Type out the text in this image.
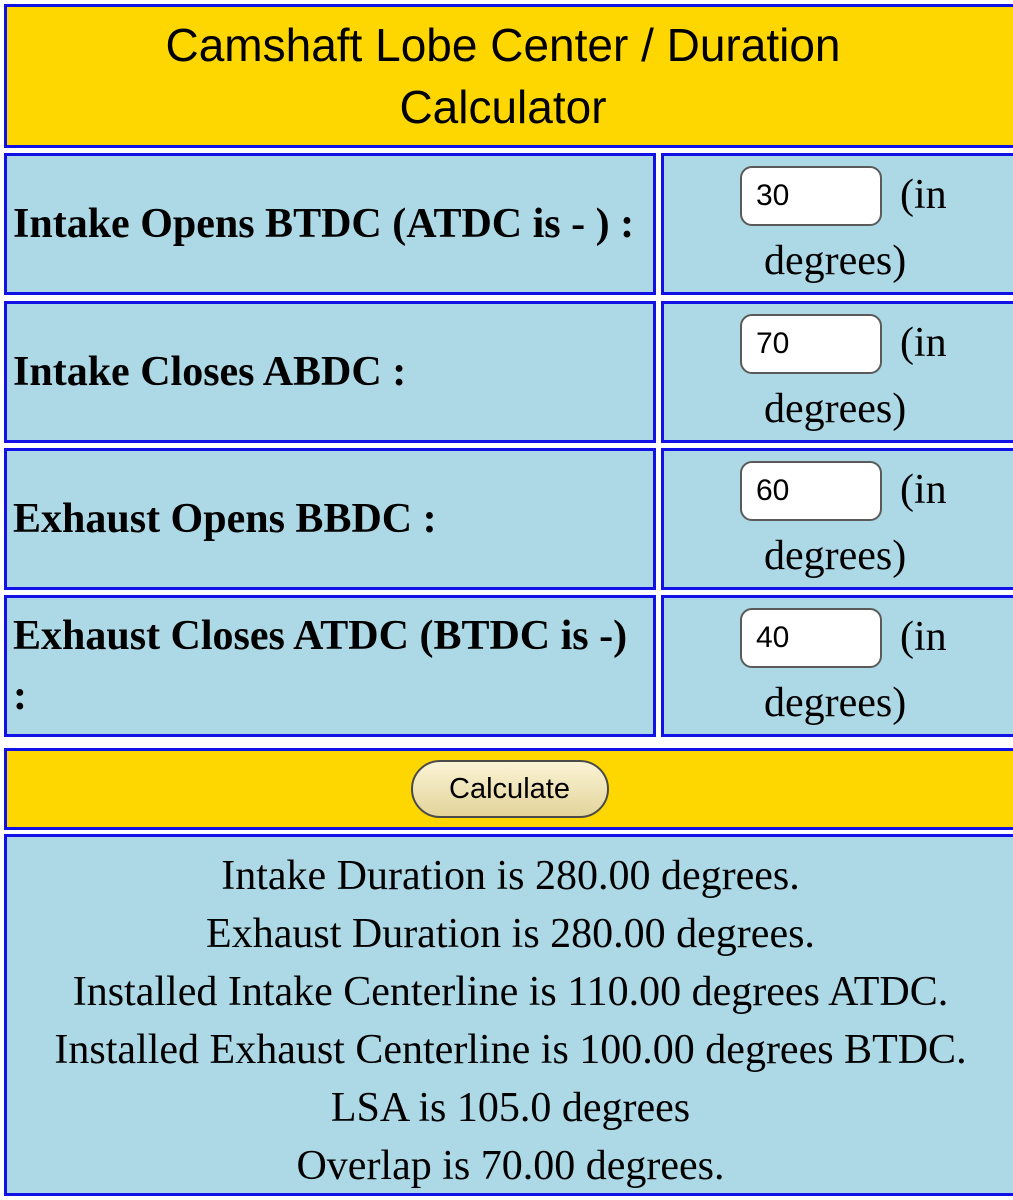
Camshaft Lobe Center / Duration Calculator
Intake Opens BTDC (ATDC is - ) :
30
(in
degrees)
Intake Closes ABDC :
70
(in
degrees)
Exhaust Opens BBDC :
60
(in
degrees)
Exhaust Closes ATDC (BTDC is -) :
40
(in
degrees)
Calculate
Intake Duration is 280.00 degrees.
Exhaust Duration is 280.00 degrees.
Installed Intake Centerline is 110.00 degrees ATDC.
Installed Exhaust Centerline is 100.00 degrees BTDC.
LSA is 105.0 degrees
Overlap is 70.00 degrees.
